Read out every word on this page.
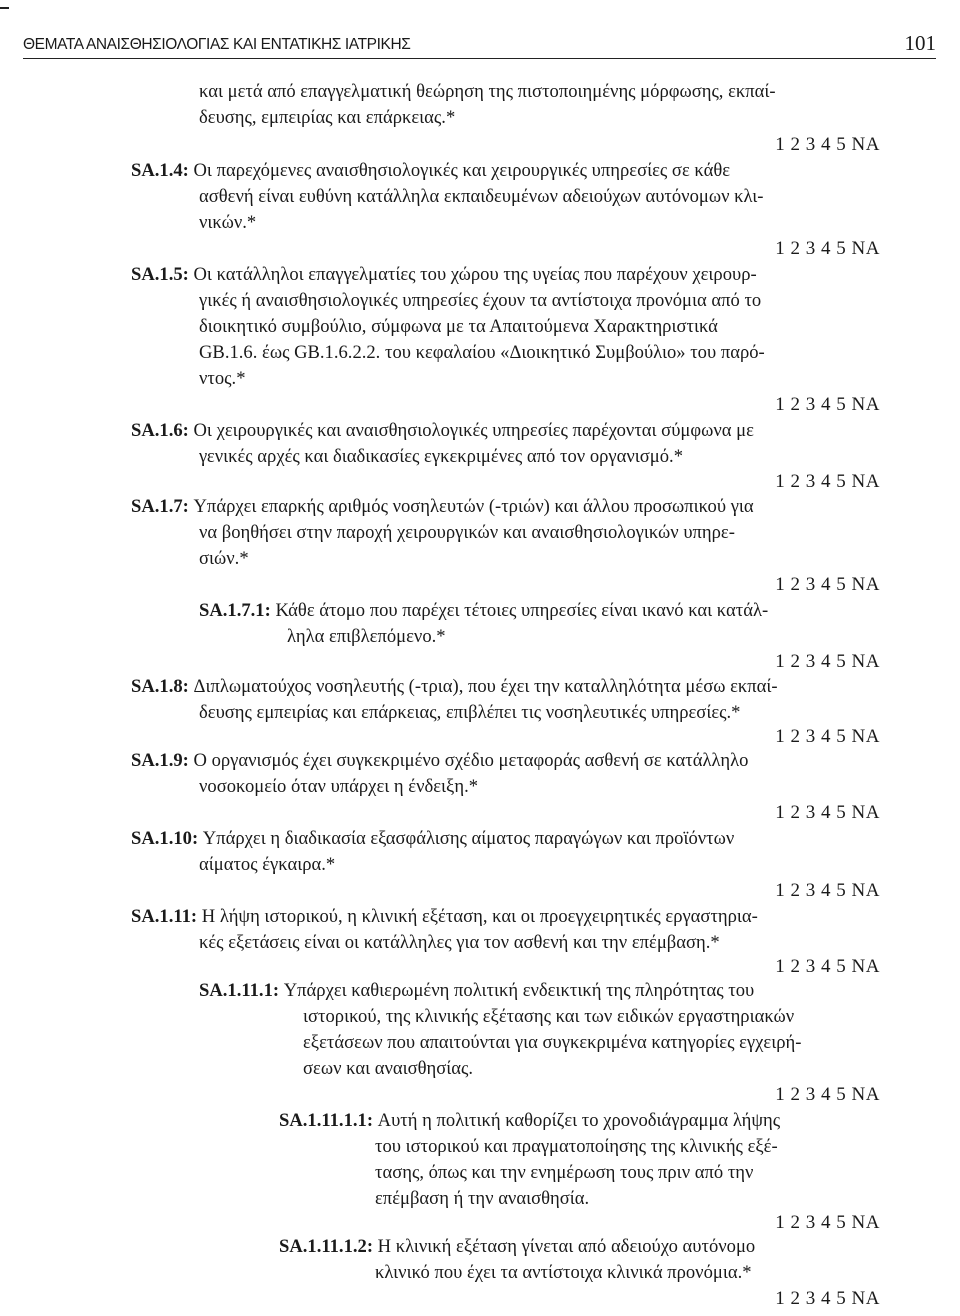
ΘΕΜΑΤΑ ΑΝΑΙΣΘΗΣΙΟΛΟΓΙΑΣ ΚΑΙ ΕΝΤΑΤΙΚΗΣ ΙΑΤΡΙΚΗΣ	101
και μετά από επαγγελματική θεώρηση της πιστοποιημένης μόρφωσης, εκπαί-
δευσης, εμπειρίας και επάρκειας.*
1 2 3 4 5 NA
SA.1.4: Οι παρεχόμενες αναισθησιολογικές και χειρουργικές υπηρεσίες σε κάθε
ασθενή είναι ευθύνη κατάλληλα εκπαιδευμένων αδειούχων αυτόνομων κλι-
νικών.*
1 2 3 4 5 NA
SA.1.5: Οι κατάλληλοι επαγγελματίες του χώρου της υγείας που παρέχουν χειρουρ-
γικές ή αναισθησιολογικές υπηρεσίες έχουν τα αντίστοιχα προνόμια από το
διοικητικό συμβούλιο, σύμφωνα με τα Απαιτούμενα Χαρακτηριστικά
GB.1.6. έως GB.1.6.2.2. του κεφαλαίου «Διοικητικό Συμβούλιο» του παρό-
ντος.*
1 2 3 4 5 NA
SA.1.6: Οι χειρουργικές και αναισθησιολογικές υπηρεσίες παρέχονται σύμφωνα με
γενικές αρχές και διαδικασίες εγκεκριμένες από τον οργανισμό.*
1 2 3 4 5 NA
SA.1.7: Υπάρχει επαρκής αριθμός νοσηλευτών (-τριών) και άλλου προσωπικού για
να βοηθήσει στην παροχή χειρουργικών και αναισθησιολογικών υπηρε-
σιών.*
1 2 3 4 5 NA
SA.1.7.1: Κάθε άτομο που παρέχει τέτοιες υπηρεσίες είναι ικανό και κατάλ-
ληλα επιβλεπόμενο.*
1 2 3 4 5 NA
SA.1.8: Διπλωματούχος νοσηλευτής (-τρια), που έχει την καταλληλότητα μέσω εκπαί-
δευσης εμπειρίας και επάρκειας, επιβλέπει τις νοσηλευτικές υπηρεσίες.*
1 2 3 4 5 NA
SA.1.9: Ο οργανισμός έχει συγκεκριμένο σχέδιο μεταφοράς ασθενή σε κατάλληλο
νοσοκομείο όταν υπάρχει η ένδειξη.*
1 2 3 4 5 NA
SA.1.10: Υπάρχει η διαδικασία εξασφάλισης αίματος παραγώγων και προϊόντων
αίματος έγκαιρα.*
1 2 3 4 5 NA
SA.1.11: Η λήψη ιστορικού, η κλινική εξέταση, και οι προεγχειρητικές εργαστηρια-
κές εξετάσεις είναι οι κατάλληλες για τον ασθενή και την επέμβαση.*
1 2 3 4 5 NA
SA.1.11.1: Υπάρχει καθιερωμένη πολιτική ενδεικτική της πληρότητας του
ιστορικού, της κλινικής εξέτασης και των ειδικών εργαστηριακών
εξετάσεων που απαιτούνται για συγκεκριμένα κατηγορίες εγχειρή-
σεων και αναισθησίας.
1 2 3 4 5 NA
SA.1.11.1.1: Αυτή η πολιτική καθορίζει το χρονοδιάγραμμα λήψης
του ιστορικού και πραγματοποίησης της κλινικής εξέ-
τασης, όπως και την ενημέρωση τους πριν από την
επέμβαση ή την αναισθησία.
1 2 3 4 5 NA
SA.1.11.1.2: Η κλινική εξέταση γίνεται από αδειούχο αυτόνομο
κλινικό που έχει τα αντίστοιχα κλινικά προνόμια.*
1 2 3 4 5 NA
